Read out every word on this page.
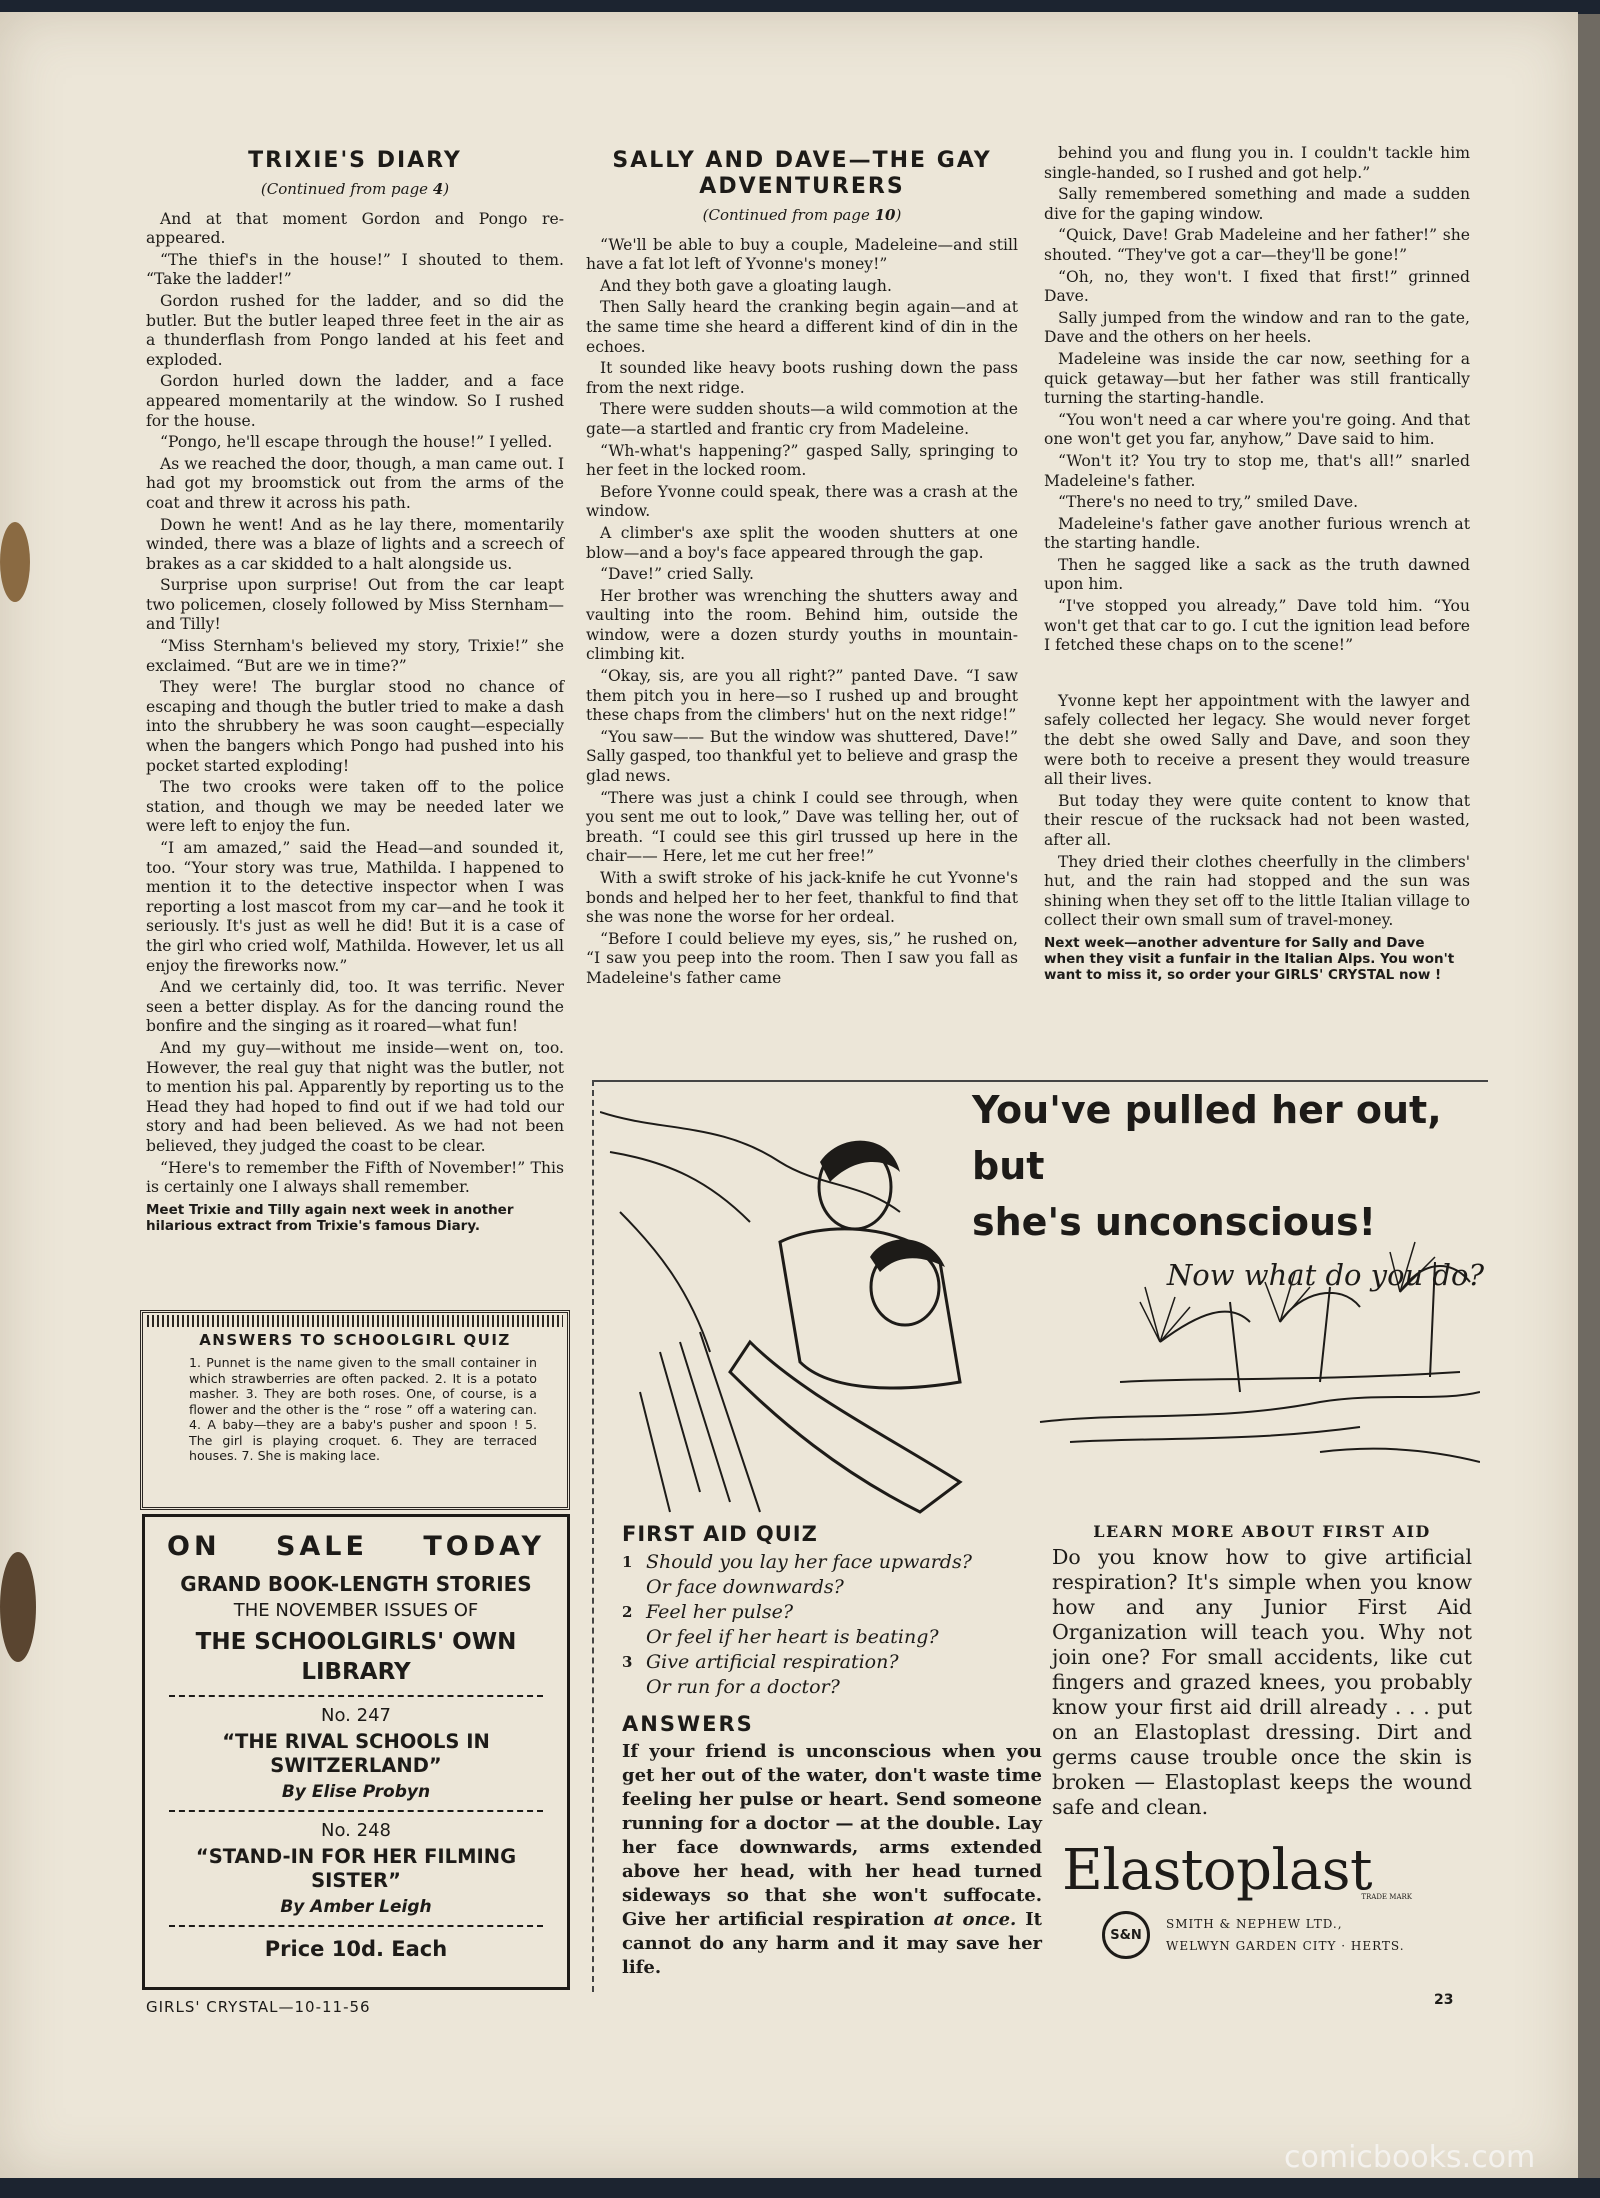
TRIXIE'S DIARY
(Continued from page 4)

And at that moment Gordon and Pongo re-appeared.

“The thief's in the house!” I shouted to them. “Take the ladder!”

Gordon rushed for the ladder, and so did the butler. But the butler leaped three feet in the air as a thunderflash from Pongo landed at his feet and exploded.

Gordon hurled down the ladder, and a face appeared momentarily at the window. So I rushed for the house.

“Pongo, he'll escape through the house!” I yelled.

As we reached the door, though, a man came out. I had got my broomstick out from the arms of the coat and threw it across his path.

Down he went! And as he lay there, momentarily winded, there was a blaze of lights and a screech of brakes as a car skidded to a halt alongside us.

Surprise upon surprise! Out from the car leapt two policemen, closely followed by Miss Sternham—and Tilly!

“Miss Sternham's believed my story, Trixie!” she exclaimed. “But are we in time?”

They were! The burglar stood no chance of escaping and though the butler tried to make a dash into the shrubbery he was soon caught—especially when the bangers which Pongo had pushed into his pocket started exploding!

The two crooks were taken off to the police station, and though we may be needed later we were left to enjoy the fun.

“I am amazed,” said the Head—and sounded it, too. “Your story was true, Mathilda. I happened to mention it to the detective inspector when I was reporting a lost mascot from my car—and he took it seriously. It's just as well he did! But it is a case of the girl who cried wolf, Mathilda. However, let us all enjoy the fireworks now.”

And we certainly did, too. It was terrific. Never seen a better display. As for the dancing round the bonfire and the singing as it roared—what fun!

And my guy—without me inside—went on, too. However, the real guy that night was the butler, not to mention his pal. Apparently by reporting us to the Head they had hoped to find out if we had told our story and had been believed. As we had not been believed, they judged the coast to be clear.

“Here's to remember the Fifth of November!” This is certainly one I always shall remember.

Meet Trixie and Tilly again next week in another hilarious extract from Trixie's famous Diary.
ANSWERS TO SCHOOLGIRL QUIZ
1. Punnet is the name given to the small container in which strawberries are often packed. 2. It is a potato masher. 3. They are both roses. One, of course, is a flower and the other is the “ rose ” off a watering can. 4. A baby—they are a baby's pusher and spoon ! 5. The girl is playing croquet. 6. They are terraced houses. 7. She is making lace.
ON SALE TODAY
GRAND BOOK-LENGTH STORIES
THE NOVEMBER ISSUES OF
THE SCHOOLGIRLS' OWN LIBRARY
No. 247
“THE RIVAL SCHOOLS IN SWITZERLAND”
By Elise Probyn
No. 248
“STAND-IN FOR HER FILMING SISTER”
By Amber Leigh
Price 10d. Each
SALLY AND DAVE—THE GAY ADVENTURERS
(Continued from page 10)

“We'll be able to buy a couple, Madeleine—and still have a fat lot left of Yvonne's money!”

And they both gave a gloating laugh.

Then Sally heard the cranking begin again—and at the same time she heard a different kind of din in the echoes.

It sounded like heavy boots rushing down the pass from the next ridge.

There were sudden shouts—a wild commotion at the gate—a startled and frantic cry from Madeleine.

“Wh-what's happening?” gasped Sally, springing to her feet in the locked room.

Before Yvonne could speak, there was a crash at the window.

A climber's axe split the wooden shutters at one blow—and a boy's face appeared through the gap.

“Dave!” cried Sally.

Her brother was wrenching the shutters away and vaulting into the room. Behind him, outside the window, were a dozen sturdy youths in mountain-climbing kit.

“Okay, sis, are you all right?” panted Dave. “I saw them pitch you in here—so I rushed up and brought these chaps from the climbers' hut on the next ridge!”

“You saw—— But the window was shuttered, Dave!” Sally gasped, too thankful yet to believe and grasp the glad news.

“There was just a chink I could see through, when you sent me out to look,” Dave was telling her, out of breath. “I could see this girl trussed up here in the chair—— Here, let me cut her free!”

With a swift stroke of his jack-knife he cut Yvonne's bonds and helped her to her feet, thankful to find that she was none the worse for her ordeal.

“Before I could believe my eyes, sis,” he rushed on, “I saw you peep into the room. Then I saw you fall as Madeleine's father came

behind you and flung you in. I couldn't tackle him single-handed, so I rushed and got help.”

Sally remembered something and made a sudden dive for the gaping window.

“Quick, Dave! Grab Madeleine and her father!” she shouted. “They've got a car—they'll be gone!”

“Oh, no, they won't. I fixed that first!” grinned Dave.

Sally jumped from the window and ran to the gate, Dave and the others on her heels.

Madeleine was inside the car now, seething for a quick getaway—but her father was still frantically turning the starting-handle.

“You won't need a car where you're going. And that one won't get you far, anyhow,” Dave said to him.

“Won't it? You try to stop me, that's all!” snarled Madeleine's father.

“There's no need to try,” smiled Dave.

Madeleine's father gave another furious wrench at the starting handle.

Then he sagged like a sack as the truth dawned upon him.

“I've stopped you already,” Dave told him. “You won't get that car to go. I cut the ignition lead before I fetched these chaps on to the scene!”

Yvonne kept her appointment with the lawyer and safely collected her legacy. She would never forget the debt she owed Sally and Dave, and soon they were both to receive a present they would treasure all their lives.

But today they were quite content to know that their rescue of the rucksack had not been wasted, after all.

They dried their clothes cheerfully in the climbers' hut, and the rain had stopped and the sun was shining when they set off to the little Italian village to collect their own small sum of travel-money.

Next week—another adventure for Sally and Dave when they visit a funfair in the Italian Alps. You won't want to miss it, so order your GIRLS' CRYSTAL now !
You've pulled her out, but
she's unconscious!
Now what do you do?
FIRST AID QUIZ
1 Should you lay her face upwards?
Or face downwards?
2 Feel her pulse?
Or feel if her heart is beating?
3 Give artificial respiration?
Or run for a doctor?
ANSWERS
If your friend is unconscious when you get her out of the water, don't waste time feeling her pulse or heart. Send someone running for a doctor — at the double. Lay her face downwards, arms extended above her head, with her head turned sideways so that she won't suffocate. Give her artificial respiration at once. It cannot do any harm and it may save her life.
LEARN MORE ABOUT FIRST AID
Do you know how to give artificial respiration? It's simple when you know how and any Junior First Aid Organization will teach you. Why not join one? For small accidents, like cut fingers and grazed knees, you probably know your first aid drill already . . . put on an Elastoplast dressing. Dirt and germs cause trouble once the skin is broken — Elastoplast keeps the wound safe and clean.
Elastoplast
TRADE MARK
S&N
SMITH & NEPHEW LTD.,
WELWYN GARDEN CITY · HERTS.
GIRLS' CRYSTAL—10-11-56	23
comicbooks.com
